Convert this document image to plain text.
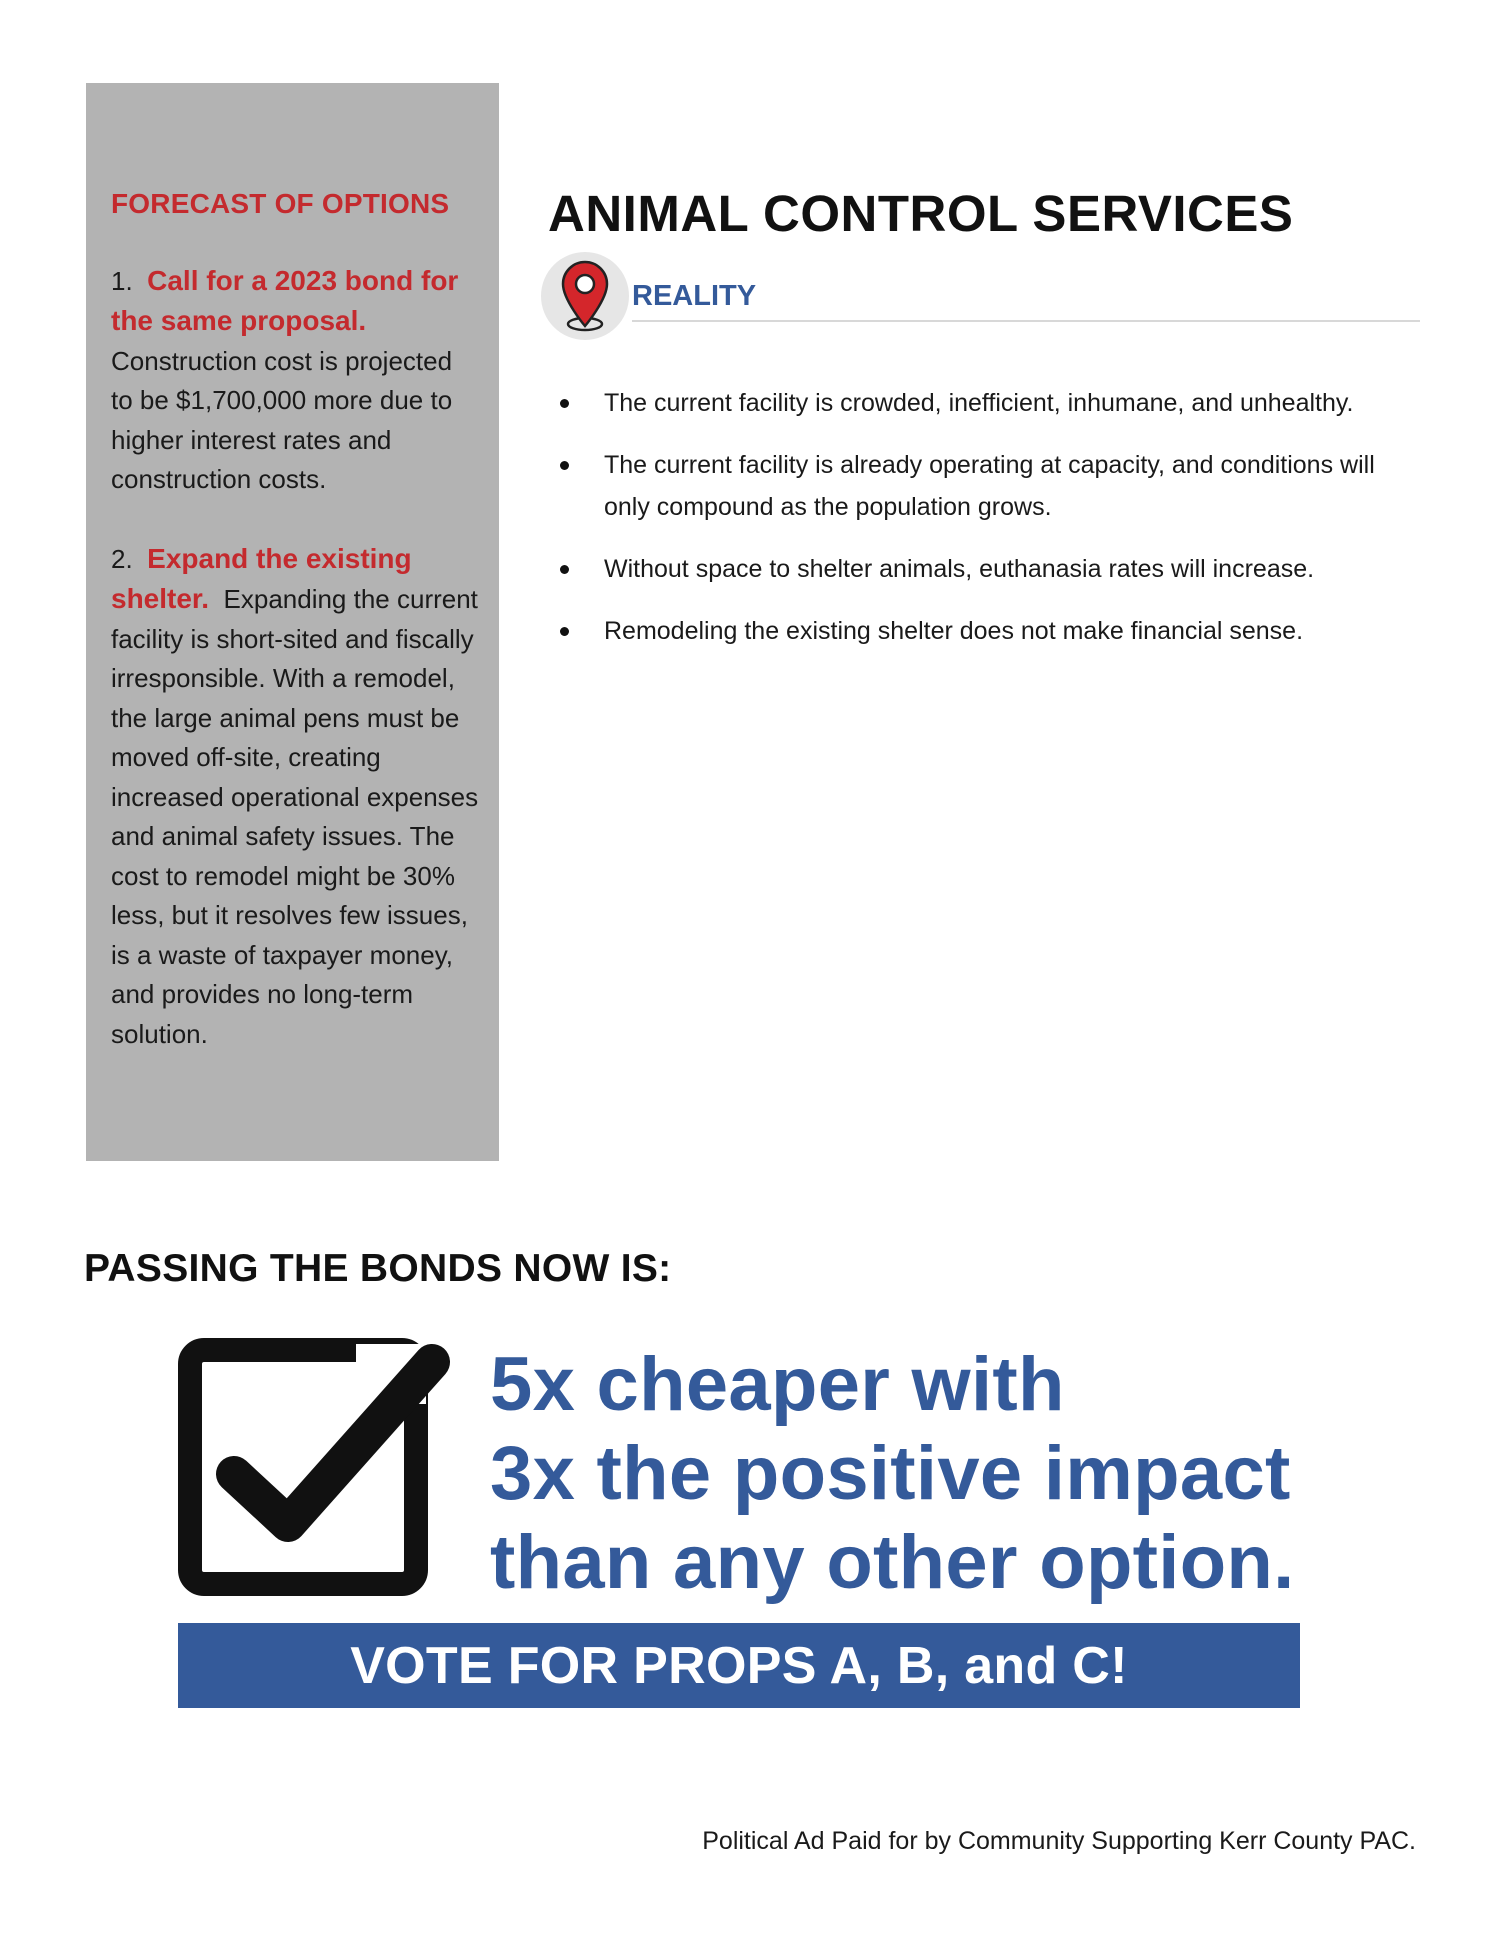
FORECAST OF OPTIONS

1. Call for a 2023 bond for the same proposal. Construction cost is projected to be $1,700,000 more due to higher interest rates and construction costs.

2. Expand the existing shelter. Expanding the current facility is short-sited and fiscally irresponsible. With a remodel, the large animal pens must be moved off-site, creating increased operational expenses and animal safety issues. The cost to remodel might be 30% less, but it resolves few issues, is a waste of taxpayer money, and provides no long-term solution.

ANIMAL CONTROL SERVICES
REALITY
The current facility is crowded, inefficient, inhumane, and unhealthy.
The current facility is already operating at capacity, and conditions will only compound as the population grows.
Without space to shelter animals, euthanasia rates will increase.
Remodeling the existing shelter does not make financial sense.
PASSING THE BONDS NOW IS:
5x cheaper with
3x the positive impact
than any other option.
VOTE FOR PROPS A, B, and C!
Political Ad Paid for by Community Supporting Kerr County PAC.
